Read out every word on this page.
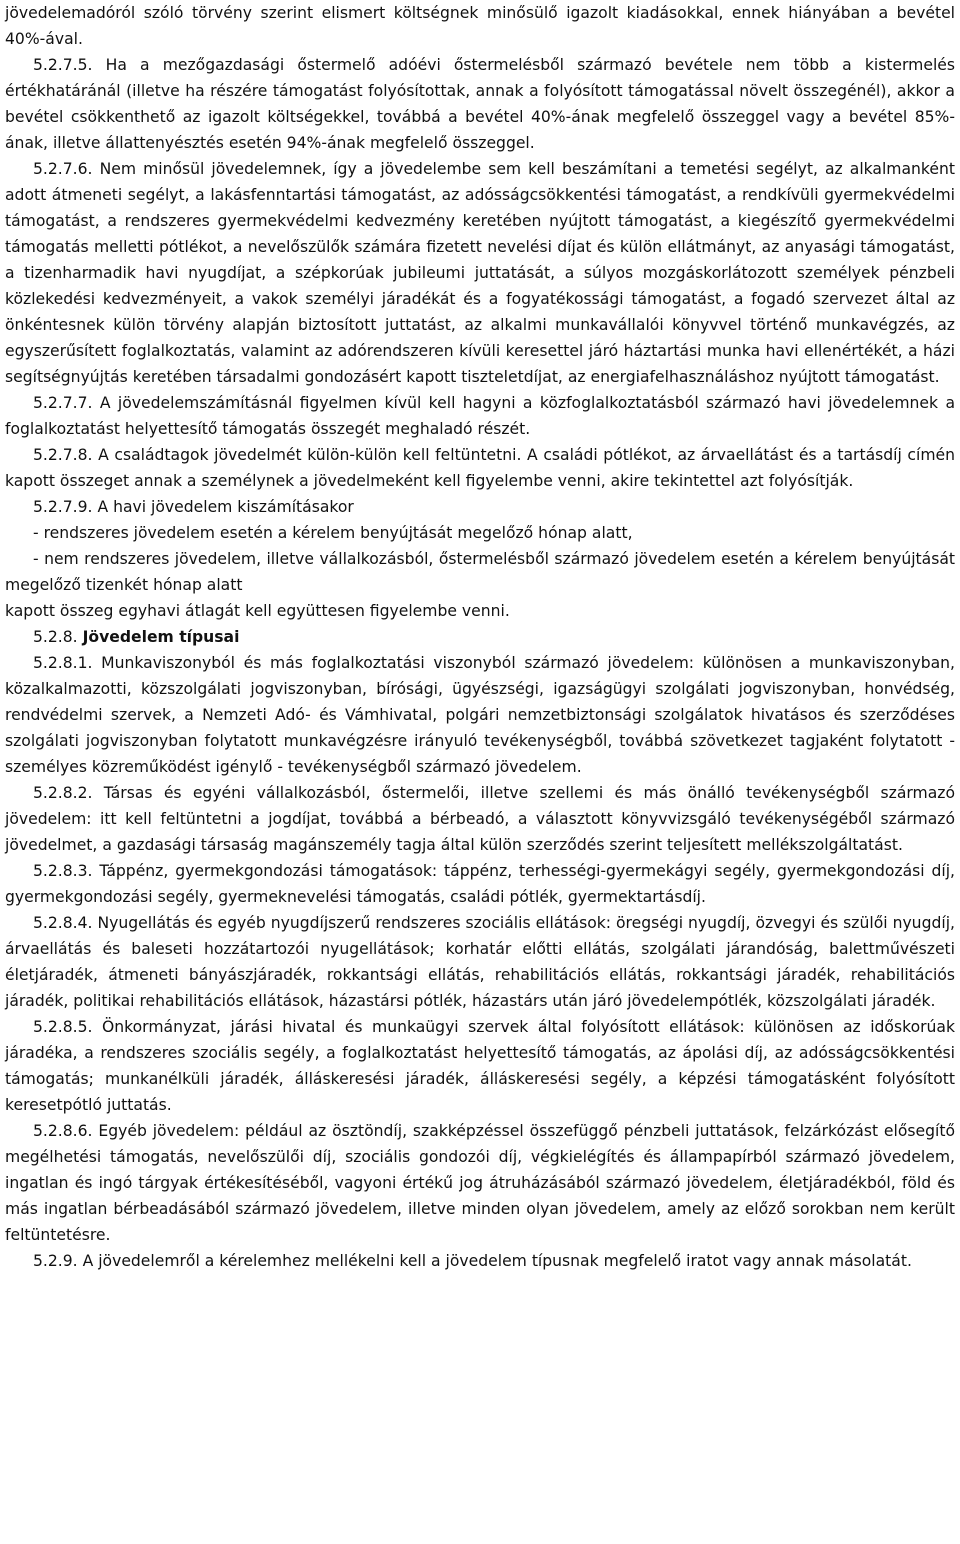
jövedelemadóról szóló törvény szerint elismert költségnek minősülő igazolt kiadásokkal, ennek hiányában a bevétel 40%-ával.

5.2.7.5. Ha a mezőgazdasági őstermelő adóévi őstermelésből származó bevétele nem több a kistermelés értékhatáránál (illetve ha részére támogatást folyósítottak, annak a folyósított támogatással növelt összegénél), akkor a bevétel csökkenthető az igazolt költségekkel, továbbá a bevétel 40%-ának megfelelő összeggel vagy a bevétel 85%-ának, illetve állattenyésztés esetén 94%-ának megfelelő összeggel.

5.2.7.6. Nem minősül jövedelemnek, így a jövedelembe sem kell beszámítani a temetési segélyt, az alkalmanként adott átmeneti segélyt, a lakásfenntartási támogatást, az adósságcsökkentési támogatást, a rendkívüli gyermekvédelmi támogatást, a rendszeres gyermekvédelmi kedvezmény keretében nyújtott támogatást, a kiegészítő gyermekvédelmi támogatás melletti pótlékot, a nevelőszülők számára fizetett nevelési díjat és külön ellátmányt, az anyasági támogatást, a tizenharmadik havi nyugdíjat, a szépkorúak jubileumi juttatását, a súlyos mozgáskorlátozott személyek pénzbeli közlekedési kedvezményeit, a vakok személyi járadékát és a fogyatékossági támogatást, a fogadó szervezet által az önkéntesnek külön törvény alapján biztosított juttatást, az alkalmi munkavállalói könyvvel történő munkavégzés, az egyszerűsített foglalkoztatás, valamint az adórendszeren kívüli keresettel járó háztartási munka havi ellenértékét, a házi segítségnyújtás keretében társadalmi gondozásért kapott tiszteletdíjat, az energiafelhasználáshoz nyújtott támogatást.

5.2.7.7. A jövedelemszámításnál figyelmen kívül kell hagyni a közfoglalkoztatásból származó havi jövedelemnek a foglalkoztatást helyettesítő támogatás összegét meghaladó részét.

5.2.7.8. A családtagok jövedelmét külön-külön kell feltüntetni. A családi pótlékot, az árvaellátást és a tartásdíj címén kapott összeget annak a személynek a jövedelmeként kell figyelembe venni, akire tekintettel azt folyósítják.

5.2.7.9. A havi jövedelem kiszámításakor

- rendszeres jövedelem esetén a kérelem benyújtását megelőző hónap alatt,

- nem rendszeres jövedelem, illetve vállalkozásból, őstermelésből származó jövedelem esetén a kérelem benyújtását megelőző tizenkét hónap alatt

kapott összeg egyhavi átlagát kell együttesen figyelembe venni.

5.2.8. Jövedelem típusai

5.2.8.1. Munkaviszonyból és más foglalkoztatási viszonyból származó jövedelem: különösen a munkaviszonyban, közalkalmazotti, közszolgálati jogviszonyban, bírósági, ügyészségi, igazságügyi szolgálati jogviszonyban, honvédség, rendvédelmi szervek, a Nemzeti Adó- és Vámhivatal, polgári nemzetbiztonsági szolgálatok hivatásos és szerződéses szolgálati jogviszonyban folytatott munkavégzésre irányuló tevékenységből, továbbá szövetkezet tagjaként folytatott - személyes közreműködést igénylő - tevékenységből származó jövedelem.

5.2.8.2. Társas és egyéni vállalkozásból, őstermelői, illetve szellemi és más önálló tevékenységből származó jövedelem: itt kell feltüntetni a jogdíjat, továbbá a bérbeadó, a választott könyvvizsgáló tevékenységéből származó jövedelmet, a gazdasági társaság magánszemély tagja által külön szerződés szerint teljesített mellékszolgáltatást.

5.2.8.3. Táppénz, gyermekgondozási támogatások: táppénz, terhességi-gyermekágyi segély, gyermekgondozási díj, gyermekgondozási segély, gyermeknevelési támogatás, családi pótlék, gyermektartásdíj.

5.2.8.4. Nyugellátás és egyéb nyugdíjszerű rendszeres szociális ellátások: öregségi nyugdíj, özvegyi és szülői nyugdíj, árvaellátás és baleseti hozzátartozói nyugellátások; korhatár előtti ellátás, szolgálati járandóság, balettművészeti életjáradék, átmeneti bányászjáradék, rokkantsági ellátás, rehabilitációs ellátás, rokkantsági járadék, rehabilitációs járadék, politikai rehabilitációs ellátások, házastársi pótlék, házastárs után járó jövedelempótlék, közszolgálati járadék.

5.2.8.5. Önkormányzat, járási hivatal és munkaügyi szervek által folyósított ellátások: különösen az időskorúak járadéka, a rendszeres szociális segély, a foglalkoztatást helyettesítő támogatás, az ápolási díj, az adósságcsökkentési támogatás; munkanélküli járadék, álláskeresési járadék, álláskeresési segély, a képzési támogatásként folyósított keresetpótló juttatás.

5.2.8.6. Egyéb jövedelem: például az ösztöndíj, szakképzéssel összefüggő pénzbeli juttatások, felzárkózást elősegítő megélhetési támogatás, nevelőszülői díj, szociális gondozói díj, végkielégítés és állampapírból származó jövedelem, ingatlan és ingó tárgyak értékesítéséből, vagyoni értékű jog átruházásából származó jövedelem, életjáradékból, föld és más ingatlan bérbeadásából származó jövedelem, illetve minden olyan jövedelem, amely az előző sorokban nem került feltüntetésre.

5.2.9. A jövedelemről a kérelemhez mellékelni kell a jövedelem típusnak megfelelő iratot vagy annak másolatát.
